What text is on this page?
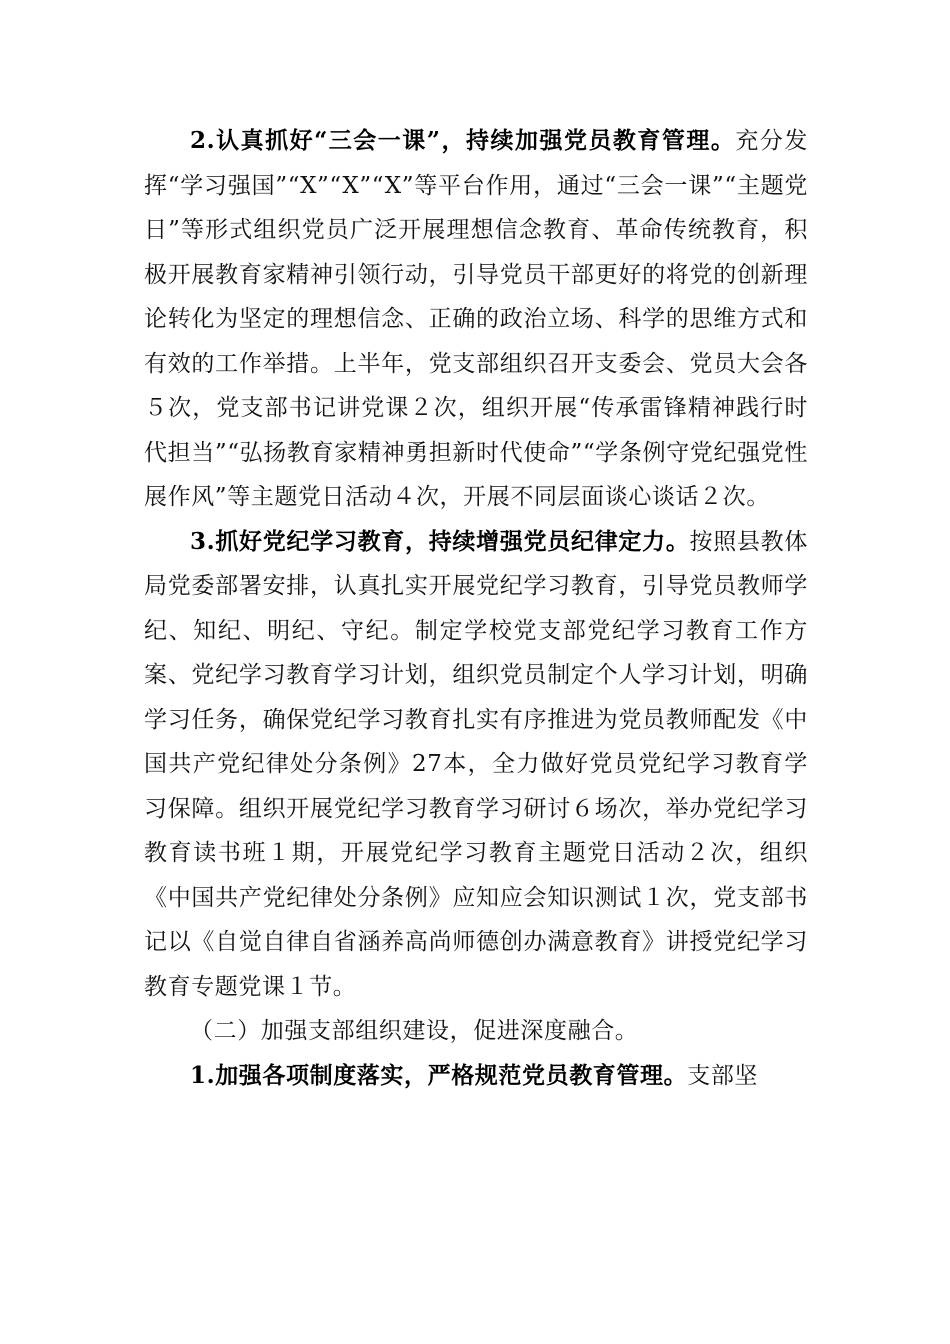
2.认真抓好“三会一课”，持续加强党员教育管理。充分发挥“学习强国”“X”“X”“X”等平台作用，通过“三会一课”“主题党日”等形式组织党员广泛开展理想信念教育、革命传统教育，积极开展教育家精神引领行动，引导党员干部更好的将党的创新理论转化为坚定的理想信念、正确的政治立场、科学的思维方式和有效的工作举措。上半年，党支部组织召开支委会、党员大会各５次，党支部书记讲党课２次，组织开展“传承雷锋精神践行时代担当”“弘扬教育家精神勇担新时代使命”“学条例守党纪强党性展作风”等主题党日活动４次，开展不同层面谈心谈话２次。

3.抓好党纪学习教育，持续增强党员纪律定力。按照县教体局党委部署安排，认真扎实开展党纪学习教育，引导党员教师学纪、知纪、明纪、守纪。制定学校党支部党纪学习教育工作方案、党纪学习教育学习计划，组织党员制定个人学习计划，明确学习任务，确保党纪学习教育扎实有序推进为党员教师配发《中国共产党纪律处分条例》27本，全力做好党员党纪学习教育学习保障。组织开展党纪学习教育学习研讨６场次，举办党纪学习教育读书班１期，开展党纪学习教育主题党日活动２次，组织《中国共产党纪律处分条例》应知应会知识测试１次，党支部书记以《自觉自律自省涵养高尚师德创办满意教育》讲授党纪学习教育专题党课１节。

（二）加强支部组织建设，促进深度融合。

1.加强各项制度落实，严格规范党员教育管理。支部坚
